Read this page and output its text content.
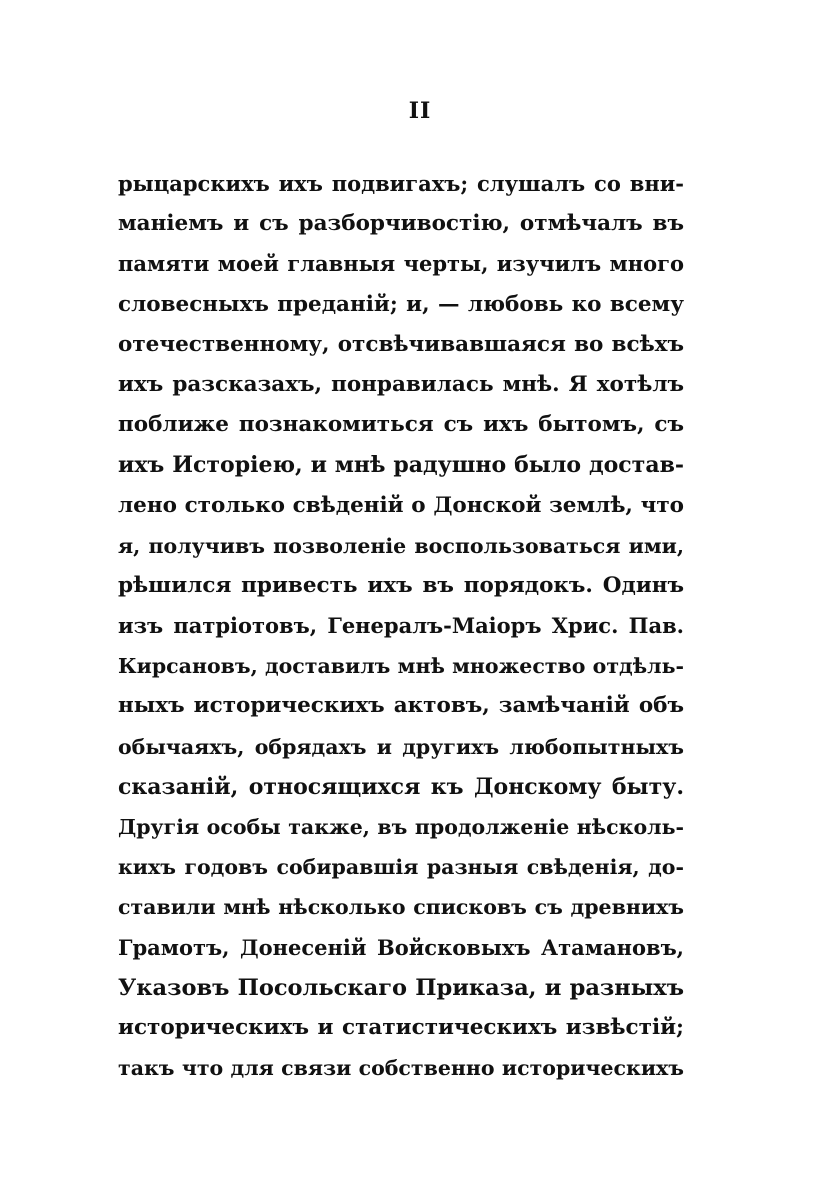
II
рыцарскихъ ихъ подвигахъ; слушалъ со вни-
манiемъ и съ разборчивостiю, отмѣчалъ въ
памяти моей главныя черты, изучилъ много
словесныхъ преданiй; и, — любовь ко всему
отечественному, отсвѣчивавшаяся во всѣхъ
ихъ разсказахъ, понравилась мнѣ. Я хотѣлъ
поближе познакомиться съ ихъ бытомъ, съ
ихъ Исторiею, и мнѣ радушно было достав-
лено столько свѣденiй о Донской землѣ, что
я, получивъ позволенiе воспользоваться ими,
рѣшился привесть ихъ въ порядокъ. Одинъ
изъ патрiотовъ, Генералъ-Маiоръ Хрис. Пав.
Кирсановъ, доставилъ мнѣ множество отдѣль-
ныхъ историческихъ актовъ, замѣчанiй объ
обычаяхъ, обрядахъ и другихъ любопытныхъ
сказанiй, относящихся къ Донскому быту.
Другiя особы также, въ продолженiе нѣсколь-
кихъ годовъ собиравшiя разныя свѣденiя, до-
ставили мнѣ нѣсколько списковъ съ древнихъ
Грамотъ, Донесенiй Войсковыхъ Атамановъ,
Указовъ Посольскаго Приказа, и разныхъ
историческихъ и статистическихъ извѣстiй;
такъ что для связи собственно историческихъ
